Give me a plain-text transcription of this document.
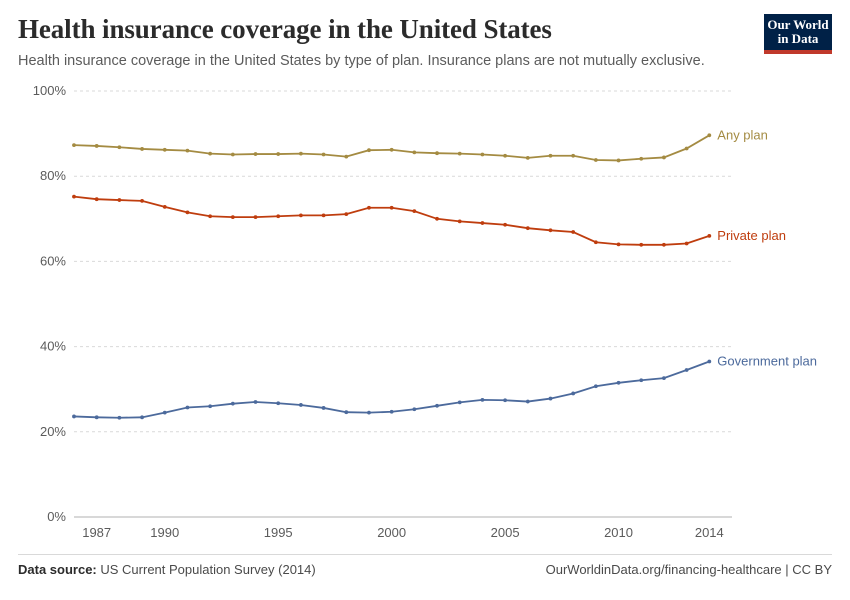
Health insurance coverage in the United States

Health insurance coverage in the United States by type of plan. Insurance plans are not mutually exclusive.

Our World
in Data
0%
20%
40%
60%
80%
100%
1987	1990	1995	2000	2005	2010	2014
Any plan
Private plan
Government plan
Data source: US Current Population Survey (2014)	OurWorldinData.org/financing-healthcare | CC BY
